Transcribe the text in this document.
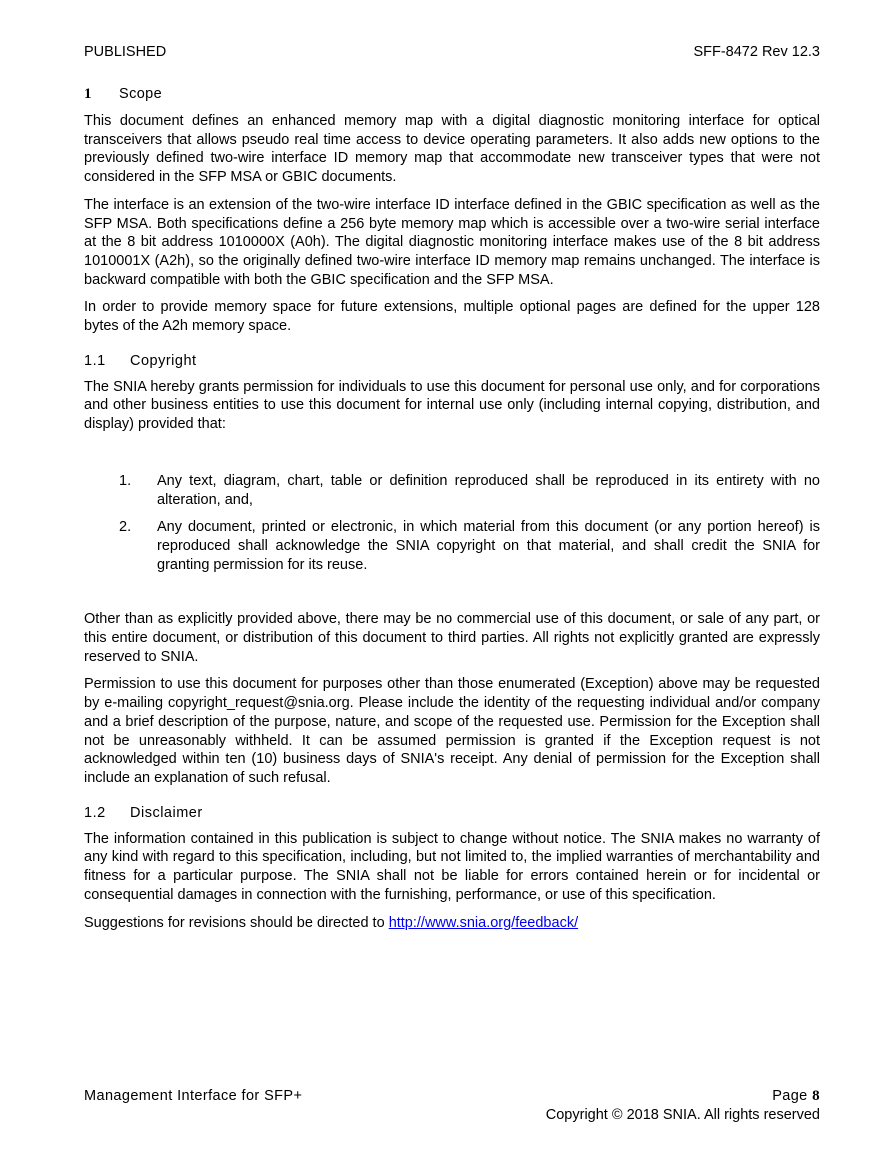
PUBLISHED	SFF-8472 Rev 12.3
1	Scope

This document defines an enhanced memory map with a digital diagnostic monitoring interface for optical transceivers that allows pseudo real time access to device operating parameters. It also adds new options to the previously defined two-wire interface ID memory map that accommodate new transceiver types that were not considered in the SFP MSA or GBIC documents.

The interface is an extension of the two-wire interface ID interface defined in the GBIC specification as well as the SFP MSA. Both specifications define a 256 byte memory map which is accessible over a two-wire serial interface at the 8 bit address 1010000X (A0h). The digital diagnostic monitoring interface makes use of the 8 bit address 1010001X (A2h), so the originally defined two-wire interface ID memory map remains unchanged. The interface is backward compatible with both the GBIC specification and the SFP MSA.

In order to provide memory space for future extensions, multiple optional pages are defined for the upper 128 bytes of the A2h memory space.

1.1	Copyright

The SNIA hereby grants permission for individuals to use this document for personal use only, and for corporations and other business entities to use this document for internal use only (including internal copying, distribution, and display) provided that:

1.	Any text, diagram, chart, table or definition reproduced shall be reproduced in its entirety with no alteration, and,
2.	Any document, printed or electronic, in which material from this document (or any portion hereof) is reproduced shall acknowledge the SNIA copyright on that material, and shall credit the SNIA for granting permission for its reuse.

Other than as explicitly provided above, there may be no commercial use of this document, or sale of any part, or this entire document, or distribution of this document to third parties. All rights not explicitly granted are expressly reserved to SNIA.

Permission to use this document for purposes other than those enumerated (Exception) above may be requested by e-mailing copyright_request@snia.org. Please include the identity of the requesting individual and/or company and a brief description of the purpose, nature, and scope of the requested use. Permission for the Exception shall not be unreasonably withheld. It can be assumed permission is granted if the Exception request is not acknowledged within ten (10) business days of SNIA's receipt. Any denial of permission for the Exception shall include an explanation of such refusal.

1.2	Disclaimer

The information contained in this publication is subject to change without notice. The SNIA makes no warranty of any kind with regard to this specification, including, but not limited to, the implied warranties of merchantability and fitness for a particular purpose. The SNIA shall not be liable for errors contained herein or for incidental or consequential damages in connection with the furnishing, performance, or use of this specification.

Suggestions for revisions should be directed to http://www.snia.org/feedback/

Management Interface for SFP+	Page 8
Copyright © 2018 SNIA. All rights reserved
